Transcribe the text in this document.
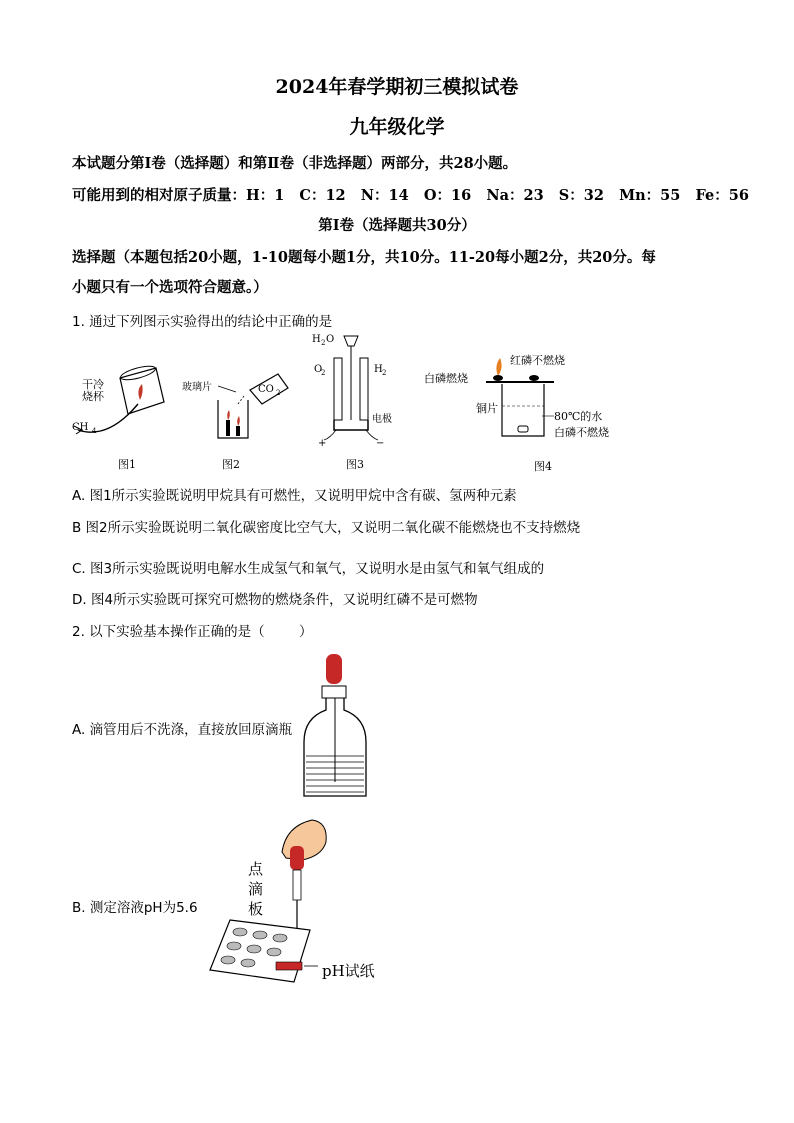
2024年春学期初三模拟试卷
九年级化学
本试题分第Ⅰ卷（选择题）和第Ⅱ卷（非选择题）两部分，共28小题。
可能用到的相对原子质量：H：1   C：12   N：14   O：16   Na：23   S：32   Mn：55   Fe：56
第Ⅰ卷（选择题共30分）
选择题（本题包括20小题，1-10题每小题1分，共10分。11-20每小题2分，共20分。每
小题只有一个选项符合题意。）
1. 通过下列图示实验得出的结论中正确的是
干冷
烧杯
CH 4
图1
玻璃片	CO 2
图2
H 2 O
O
2	H 2
电极
+	−
图3
红磷不燃烧
白磷燃烧
铜片
80℃的水
白磷不燃烧
图4
A. 图1所示实验既说明甲烷具有可燃性，又说明甲烷中含有碳、氢两种元素
B 图2所示实验既说明二氧化碳密度比空气大，又说明二氧化碳不能燃烧也不支持燃烧
C. 图3所示实验既说明电解水生成氢气和氧气，又说明水是由氢气和氧气组成的
D. 图4所示实验既可探究可燃物的燃烧条件，又说明红磷不是可燃物
2. 以下实验基本操作正确的是（        ）
A. 滴管用后不洗涤，直接放回原滴瓶
B. 测定溶液pH为5.6
点
滴
板
pH试纸
